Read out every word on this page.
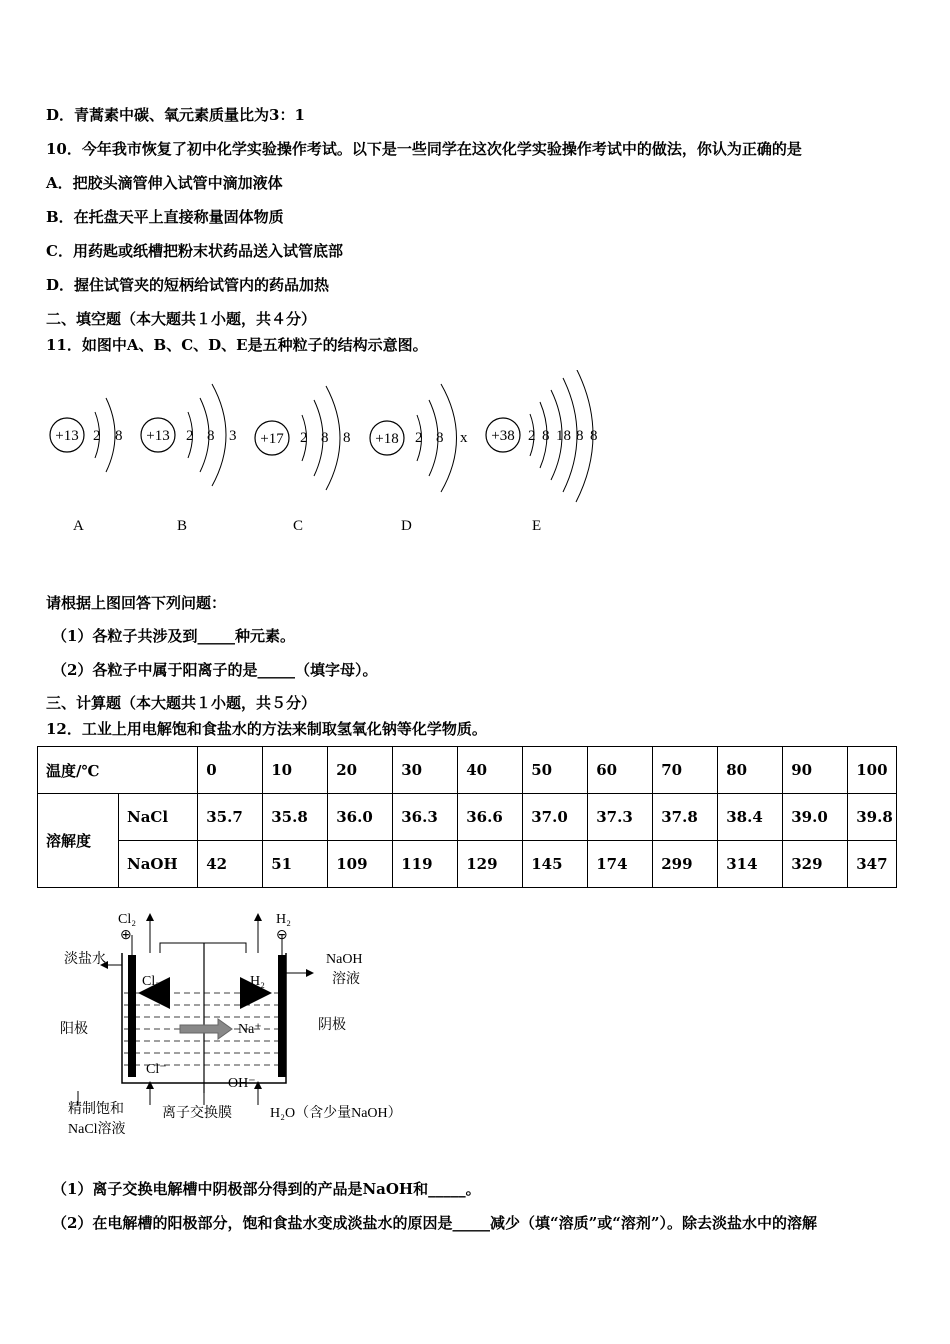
D．青蒿素中碳、氧元素质量比为3：1
10．今年我市恢复了初中化学实验操作考试。以下是一些同学在这次化学实验操作考试中的做法，你认为正确的是
A．把胶头滴管伸入试管中滴加液体
B．在托盘天平上直接称量固体物质
C．用药匙或纸槽把粉末状药品送入试管底部
D．握住试管夹的短柄给试管内的药品加热
二、填空题（本大题共１小题，共４分）
11．如图中A、B、C、D、E是五种粒子的结构示意图。
+13 2 8
A
+13 2 8 3
B
+17 2 8 8
C
+18 2 8 x
D
+38 2 8 18 8 8
E
请根据上图回答下列问题：
（1）各粒子共涉及到_____种元素。
（2）各粒子中属于阳离子的是_____（填字母）。
三、计算题（本大题共１小题，共５分）
12．工业上用电解饱和食盐水的方法来制取氢氧化钠等化学物质。
温度/℃		0	10	20	30	40	50	60	70	80	90	100
溶解度	NaCl	35.7	35.8	36.0	36.3	36.6	37.0	37.3	37.8	38.4	39.0	39.8
	NaOH	42	51	109	119	129	145	174	299	314	329	347
Cl₂
⊕
H₂
⊖
淡盐水	NaOH
溶液
Cl₂	H₂
阳极	阴极
Na⁺
Cl⁻
OH⁻
精制饱和
NaCl溶液
离子交换膜	H₂O（含少量NaOH）
（1）离子交换电解槽中阴极部分得到的产品是NaOH和_____。
（2）在电解槽的阳极部分，饱和食盐水变成淡盐水的原因是_____减少（填“溶质”或“溶剂”）。除去淡盐水中的溶解
